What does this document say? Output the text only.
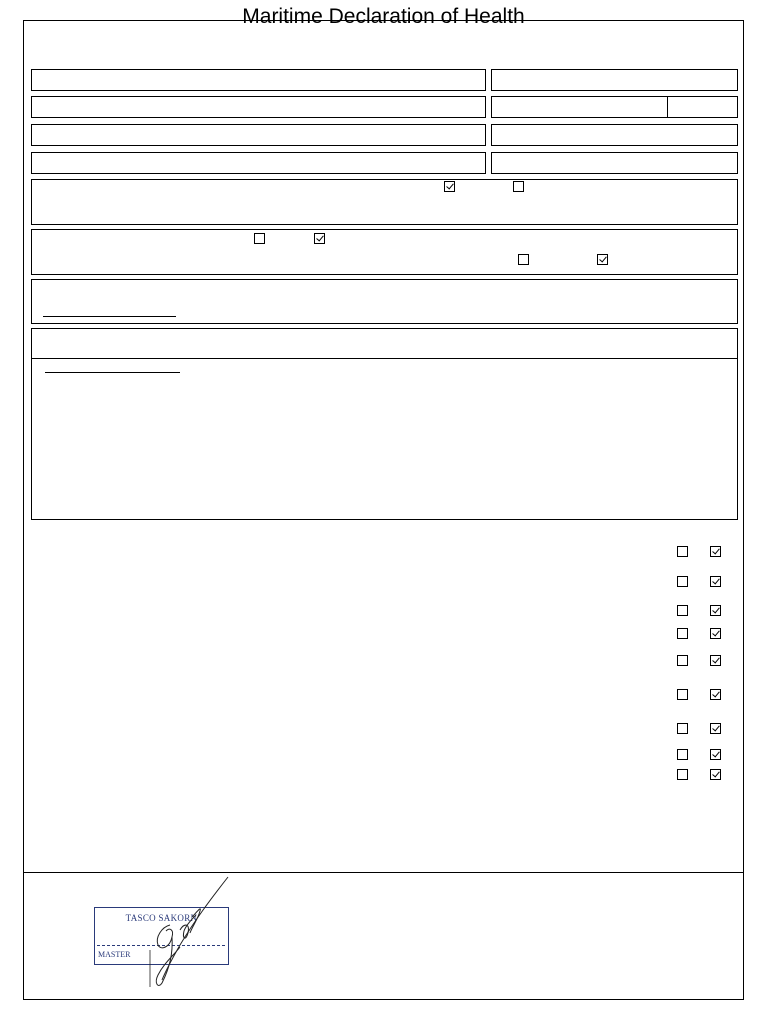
Maritime Declaration of Health
TASCO SAKORN
MASTER
